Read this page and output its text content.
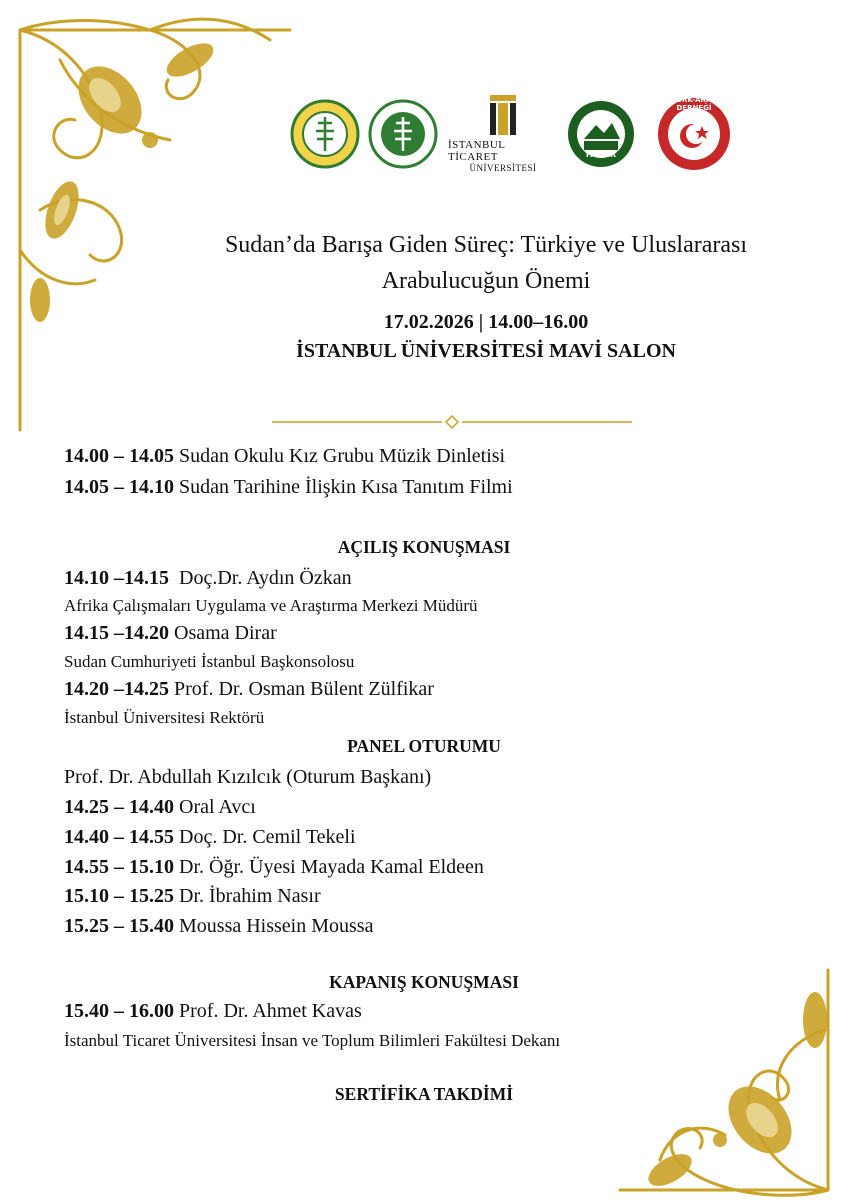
İSTANBUL TİCARET
ÜNİVERSİTESİ
FAMER
TÜRK-ARAP DERNEĞİ
Sudan’da Barışa Giden Süreç: Türkiye ve Uluslararası
Arabulucuğun Önemi
17.02.2026 | 14.00–16.00
İSTANBUL ÜNİVERSİTESİ MAVİ SALON
14.00 – 14.05 Sudan Okulu Kız Grubu Müzik Dinletisi
14.05 – 14.10 Sudan Tarihine İlişkin Kısa Tanıtım Filmi
AÇILIŞ KONUŞMASI
14.10 –14.15 Doç.Dr. Aydın Özkan
Afrika Çalışmaları Uygulama ve Araştırma Merkezi Müdürü
14.15 –14.20 Osama Dirar
Sudan Cumhuriyeti İstanbul Başkonsolosu
14.20 –14.25 Prof. Dr. Osman Bülent Zülfikar
İstanbul Üniversitesi Rektörü
PANEL OTURUMU
Prof. Dr. Abdullah Kızılcık (Oturum Başkanı)
14.25 – 14.40 Oral Avcı
14.40 – 14.55 Doç. Dr. Cemil Tekeli
14.55 – 15.10 Dr. Öğr. Üyesi Mayada Kamal Eldeen
15.10 – 15.25 Dr. İbrahim Nasır
15.25 – 15.40 Moussa Hissein Moussa
KAPANIŞ KONUŞMASI
15.40 – 16.00 Prof. Dr. Ahmet Kavas
İstanbul Ticaret Üniversitesi İnsan ve Toplum Bilimleri Fakültesi Dekanı
SERTİFİKA TAKDİMİ
